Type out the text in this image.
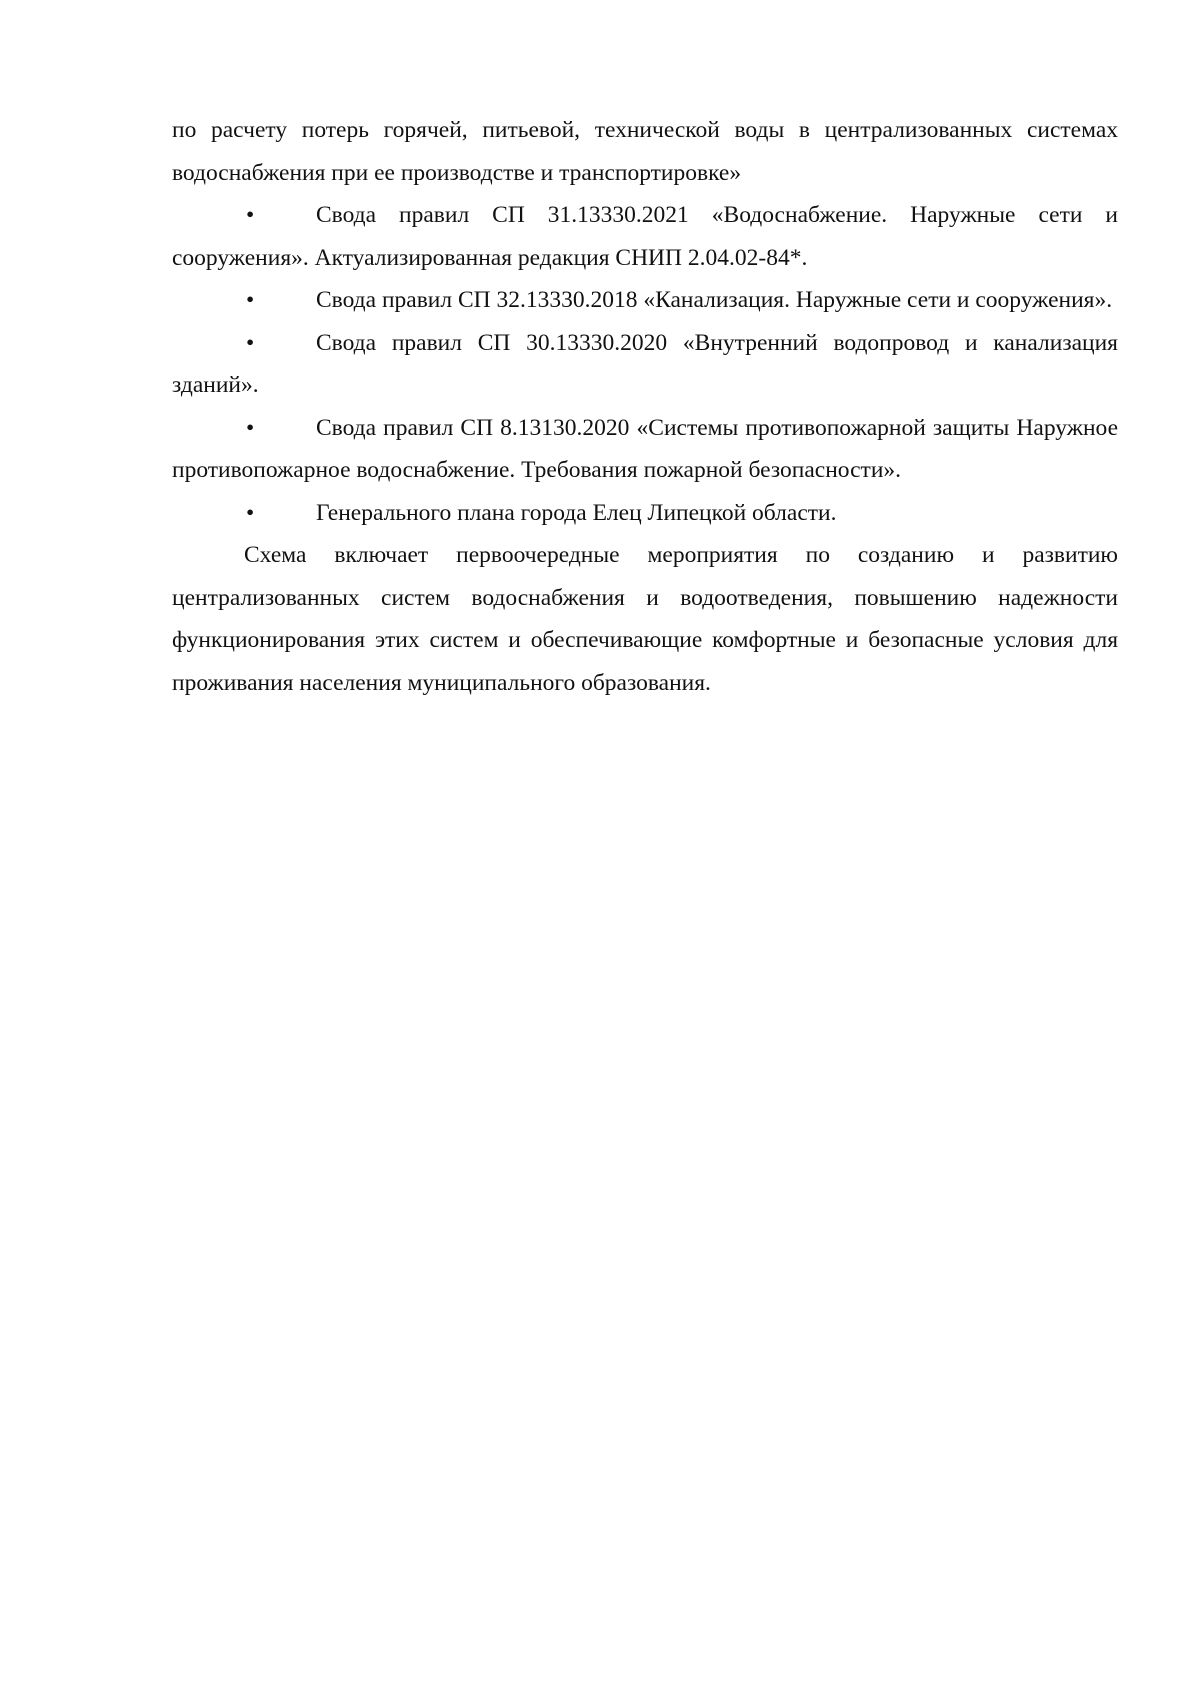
по расчету потерь горячей, питьевой, технической воды в централизованных системах водоснабжения при ее производстве и транспортировке»

•	Свода правил СП 31.13330.2021 «Водоснабжение. Наружные сети и сооружения». Актуализированная редакция СНИП 2.04.02-84*.

•	Свода правил СП 32.13330.2018 «Канализация. Наружные сети и сооружения».

•	Свода правил СП 30.13330.2020 «Внутренний водопровод и канализация зданий».

•	Свода правил СП 8.13130.2020 «Системы противопожарной защиты Наружное противопожарное водоснабжение. Требования пожарной безопасности».

•	Генерального плана города Елец Липецкой области.

Схема включает первоочередные мероприятия по созданию и развитию централизованных систем водоснабжения и водоотведения, повышению надежности функционирования этих систем и обеспечивающие комфортные и безопасные условия для проживания населения муниципального образования.
